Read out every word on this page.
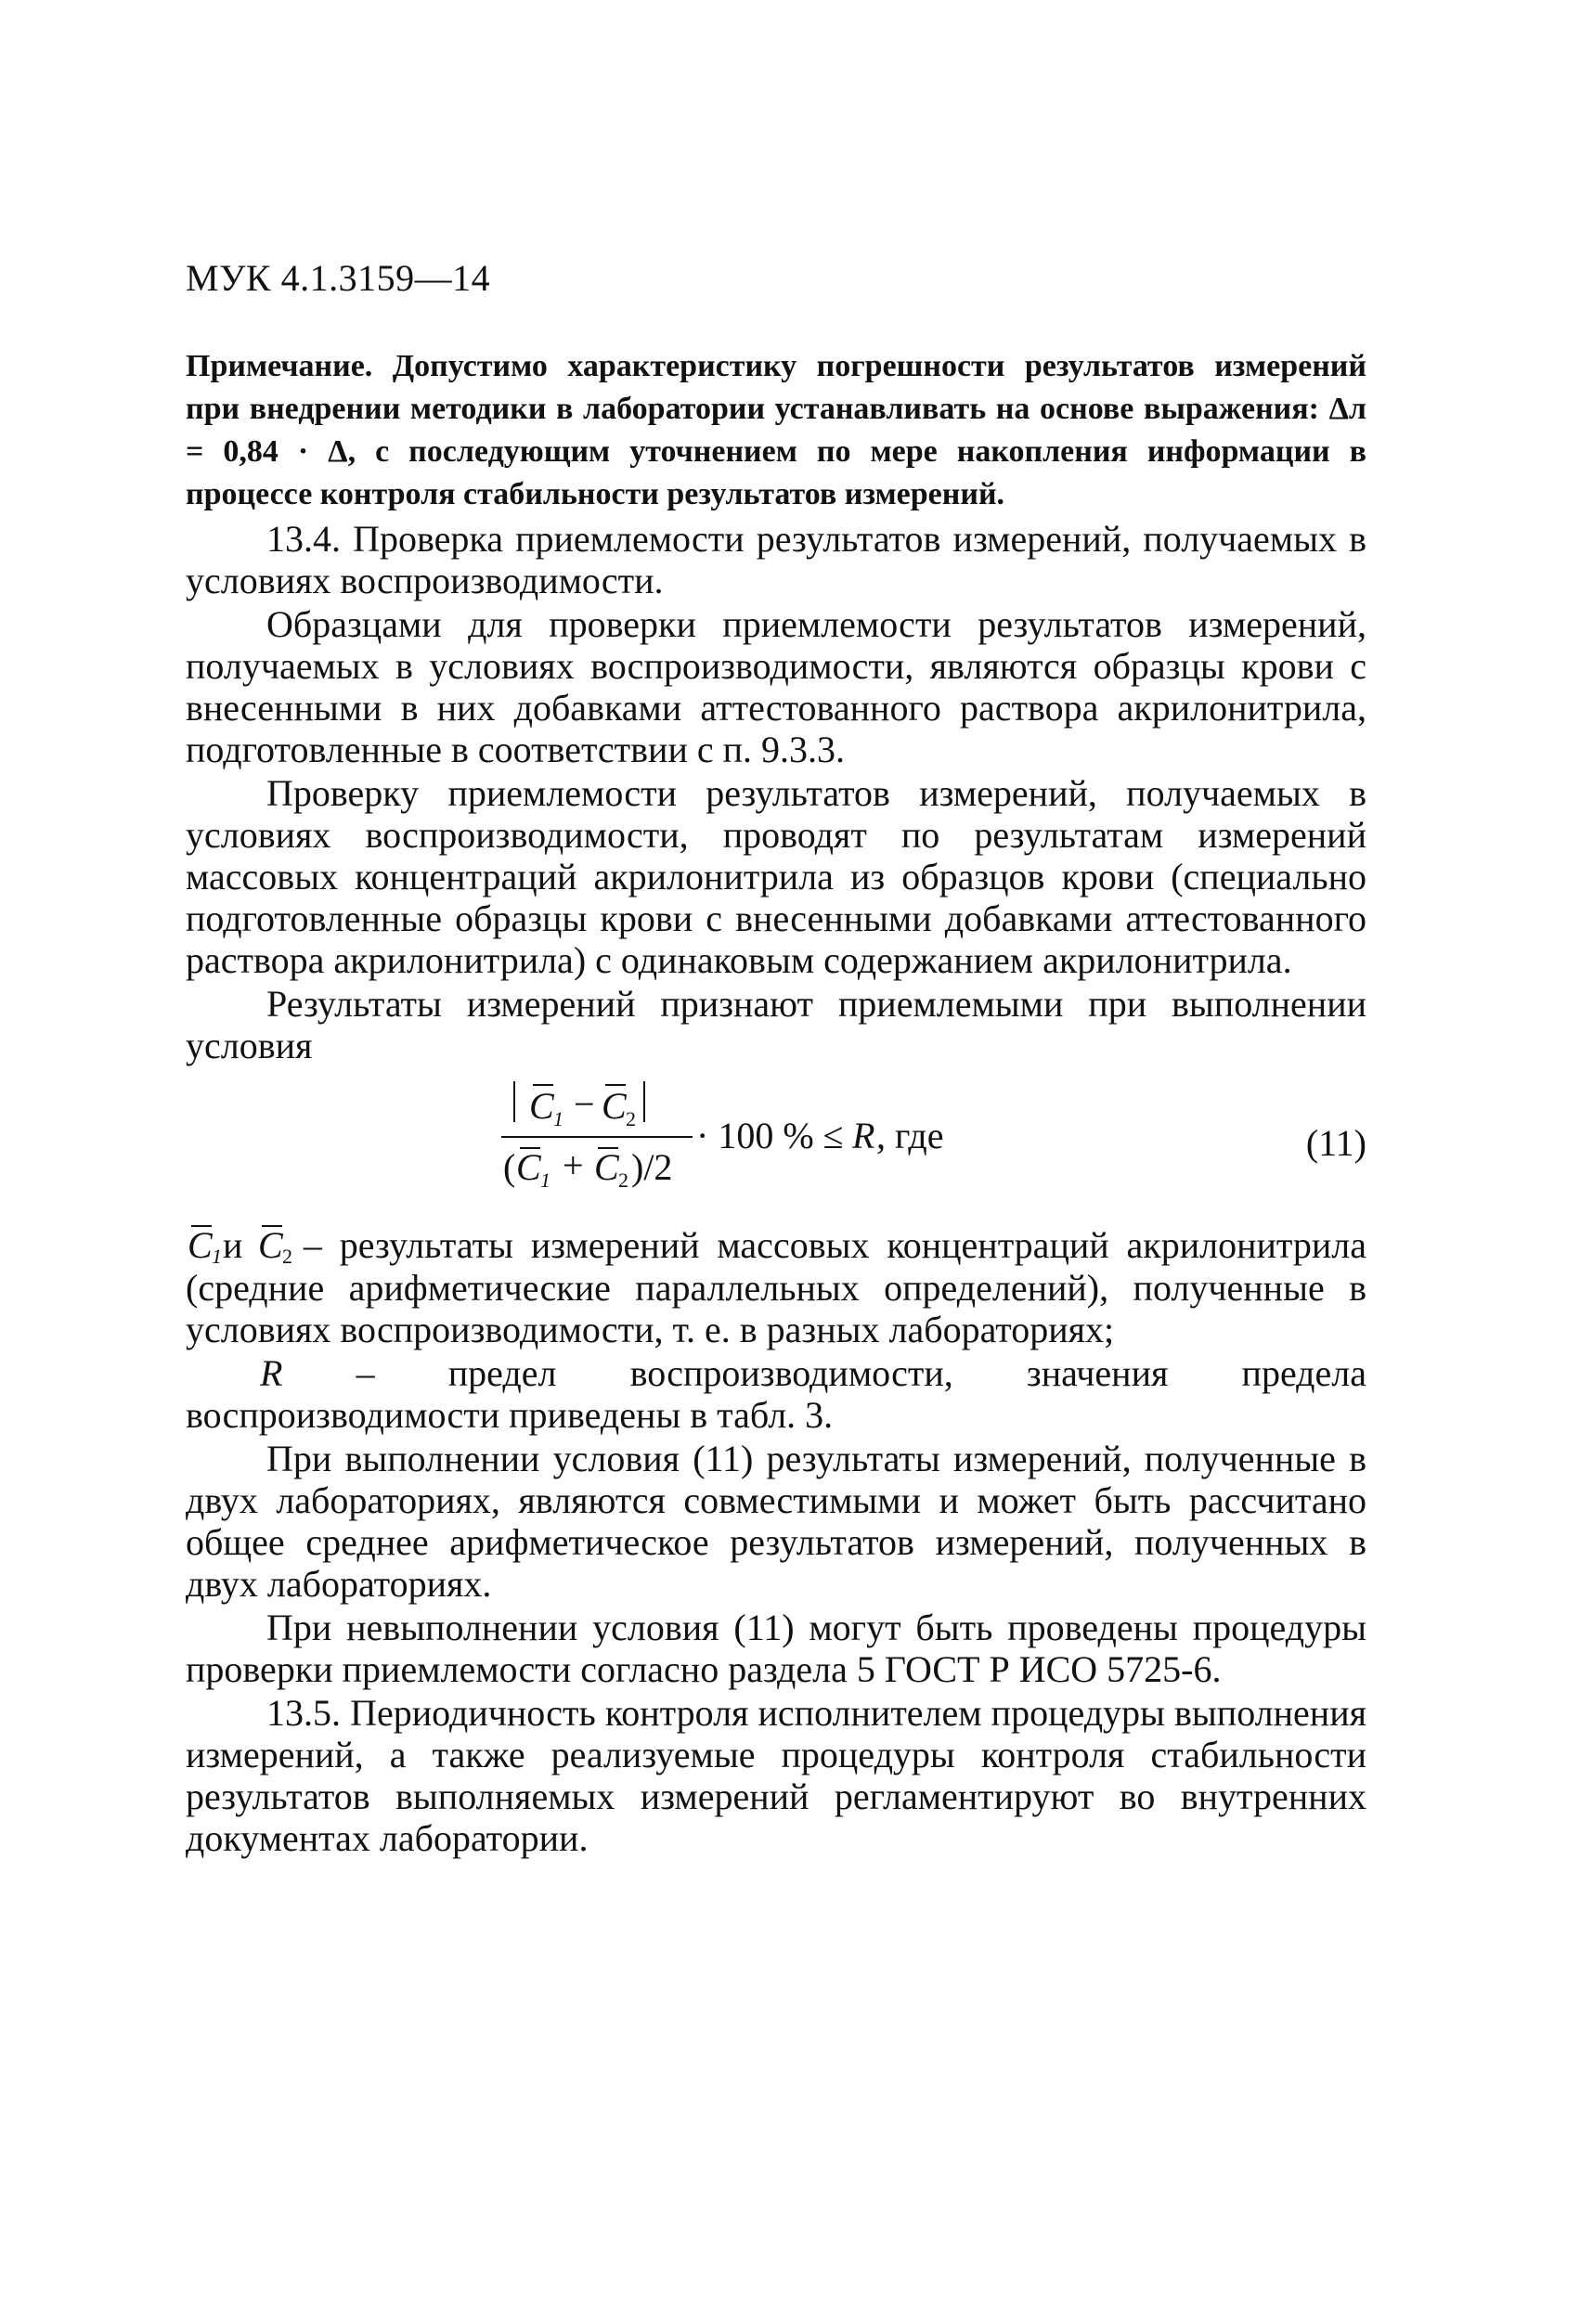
МУК 4.1.3159—14
Примечание. Допустимо характеристику погрешности результатов измерений при внедрении методики в лаборатории устанавливать на основе выражения: Δл = 0,84 · Δ, с последующим уточнением по мере накопления информации в процессе контроля стабильности результатов измерений.

13.4. Проверка приемлемости результатов измерений, получаемых в условиях воспроизводимости.

Образцами для проверки приемлемости результатов измерений, получаемых в условиях воспроизводимости, являются образцы крови с внесенными в них добавками аттестованного раствора акрилонитрила, подготовленные в соответствии с п. 9.3.3.

Проверку приемлемости результатов измерений, получаемых в условиях воспроизводимости, проводят по результатам измерений массовых концентраций акрилонитрила из образцов крови (специально подготовленные образцы крови с внесенными добавками аттестованного раствора акрилонитрила) с одинаковым содержанием акрилонитрила.

Результаты измерений признают приемлемыми при выполнении условия

C 1 − C 2
( C 1 + C 2 )/2
· 100 % ≤ R , где	(11)

C 1 и C 2 – результаты измерений массовых концентраций акрилонитрила (средние арифметические параллельных определений), полученные в условиях воспроизводимости, т. е. в разных лабораториях;

R – предел воспроизводимости, значения предела воспроизводимости приведены в табл. 3.

При выполнении условия (11) результаты измерений, полученные в двух лабораториях, являются совместимыми и может быть рассчитано общее среднее арифметическое результатов измерений, полученных в двух лабораториях.

При невыполнении условия (11) могут быть проведены процедуры проверки приемлемости согласно раздела 5 ГОСТ Р ИСО 5725-6.

13.5. Периодичность контроля исполнителем процедуры выполнения измерений, а также реализуемые процедуры контроля стабильности результатов выполняемых измерений регламентируют во внутренних документах лаборатории.
